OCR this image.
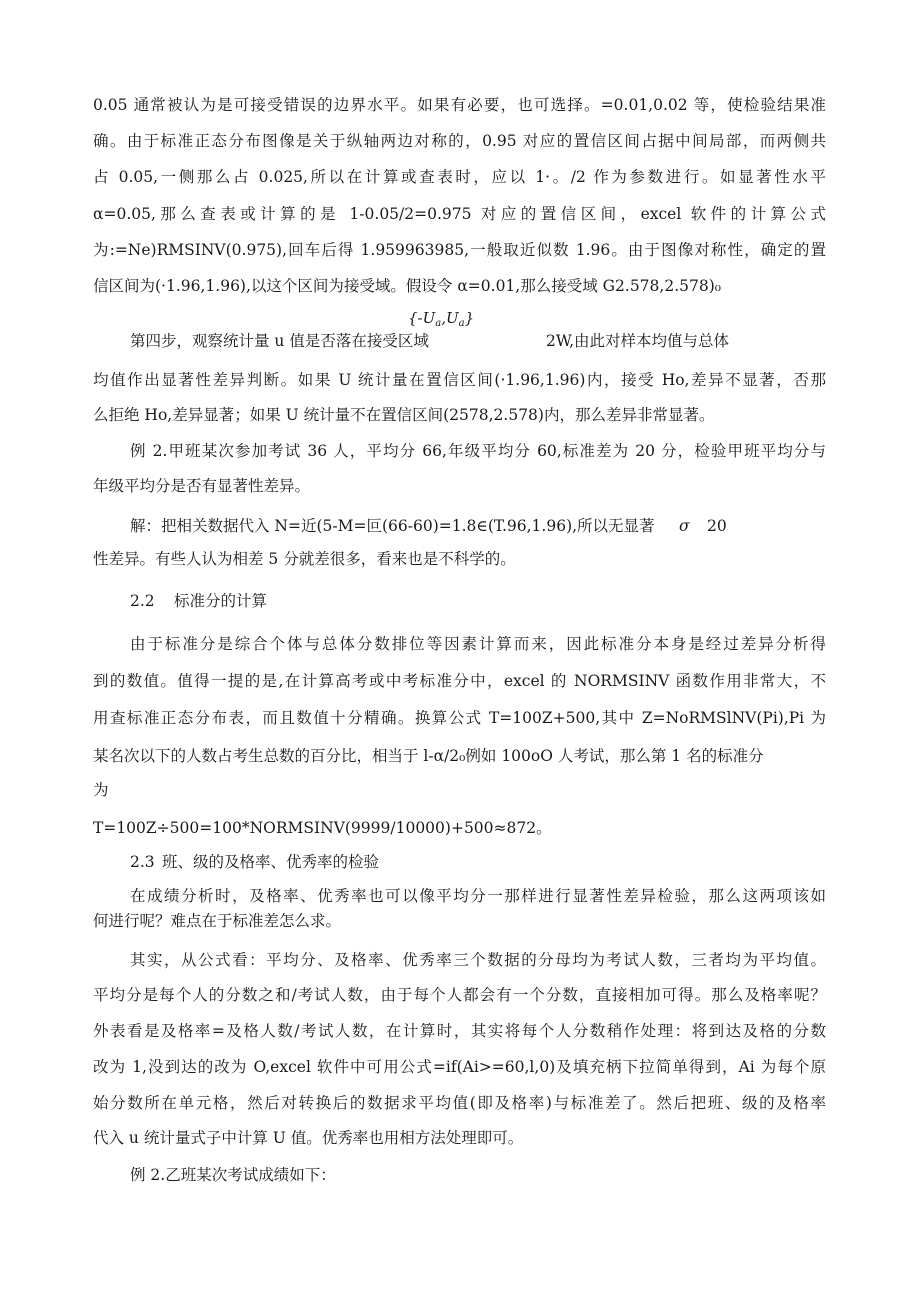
0.05 通常被认为是可接受错误的边界水平。如果有必要，也可选择。=0.01,0.02 等，使检验结果准
确。由于标准正态分布图像是关于纵轴两边对称的，0.95 对应的置信区间占据中间局部，而两侧共
占 0.05,一侧那么占 0.025,所以在计算或查表时，应以 1·。/2 作为参数进行。如显著性水平
α=0.05,那么查表或计算的是 1-0.05/2=0.975 对应的置信区间，excel 软件的计算公式
为:=Ne)RMSINV(0.975),回车后得 1.959963985,一般取近似数 1.96。由于图像对称性，确定的置
信区间为(·1.96,1.96),以这个区间为接受域。假设令 α=0.01,那么接受域 G2.578,2.578)₀
$\{-U_a,U_a\}$
第四步，观察统计量 u 值是否落在接受区域	2W,由此对样本均值与总体
均值作出显著性差异判断。如果 U 统计量在置信区间(·1.96,1.96)内，接受 Ho,差异不显著，否那
么拒绝 Ho,差异显著；如果 U 统计量不在置信区间(2578,2.578)内，那么差异非常显著。
例 2.甲班某次参加考试 36 人，平均分 66,年级平均分 60,标准差为 20 分，检验甲班平均分与
年级平均分是否有显著性差异。
解：把相关数据代入 N=近(5-M=叵(66-60)=1.8∈(T.96,1.96),所以无显著 σ 20
性差异。有些人认为相差 5 分就差很多，看来也是不科学的。
2.2 标准分的计算
由于标准分是综合个体与总体分数排位等因素计算而来，因此标准分本身是经过差异分析得
到的数值。值得一提的是,在计算高考或中考标准分中，excel 的 NORMSINV 函数作用非常大，不
用查标准正态分布表，而且数值十分精确。换算公式 T=100Z+500,其中 Z=NoRMSlNV(Pi),Pi 为
某名次以下的人数占考生总数的百分比，相当于 l-α/2₀例如 100oO 人考试，那么第 1 名的标准分
为
T=100Z÷500=100*NORMSINV(9999/10000)+500≈872。
2.3 班、级的及格率、优秀率的检验
在成绩分析时，及格率、优秀率也可以像平均分一那样进行显著性差异检验，那么这两项该如
何进行呢？难点在于标准差怎么求。
其实，从公式看：平均分、及格率、优秀率三个数据的分母均为考试人数，三者均为平均值。
平均分是每个人的分数之和/考试人数，由于每个人都会有一个分数，直接相加可得。那么及格率呢？
外表看是及格率=及格人数/考试人数，在计算时，其实将每个人分数稍作处理：将到达及格的分数
改为 1,没到达的改为 O,excel 软件中可用公式=if(Ai>=60,l,0)及填充柄下拉简单得到，Ai 为每个原
始分数所在单元格，然后对转换后的数据求平均值(即及格率)与标准差了。然后把班、级的及格率
代入 u 统计量式子中计算 U 值。优秀率也用相方法处理即可。
例 2.乙班某次考试成绩如下：
